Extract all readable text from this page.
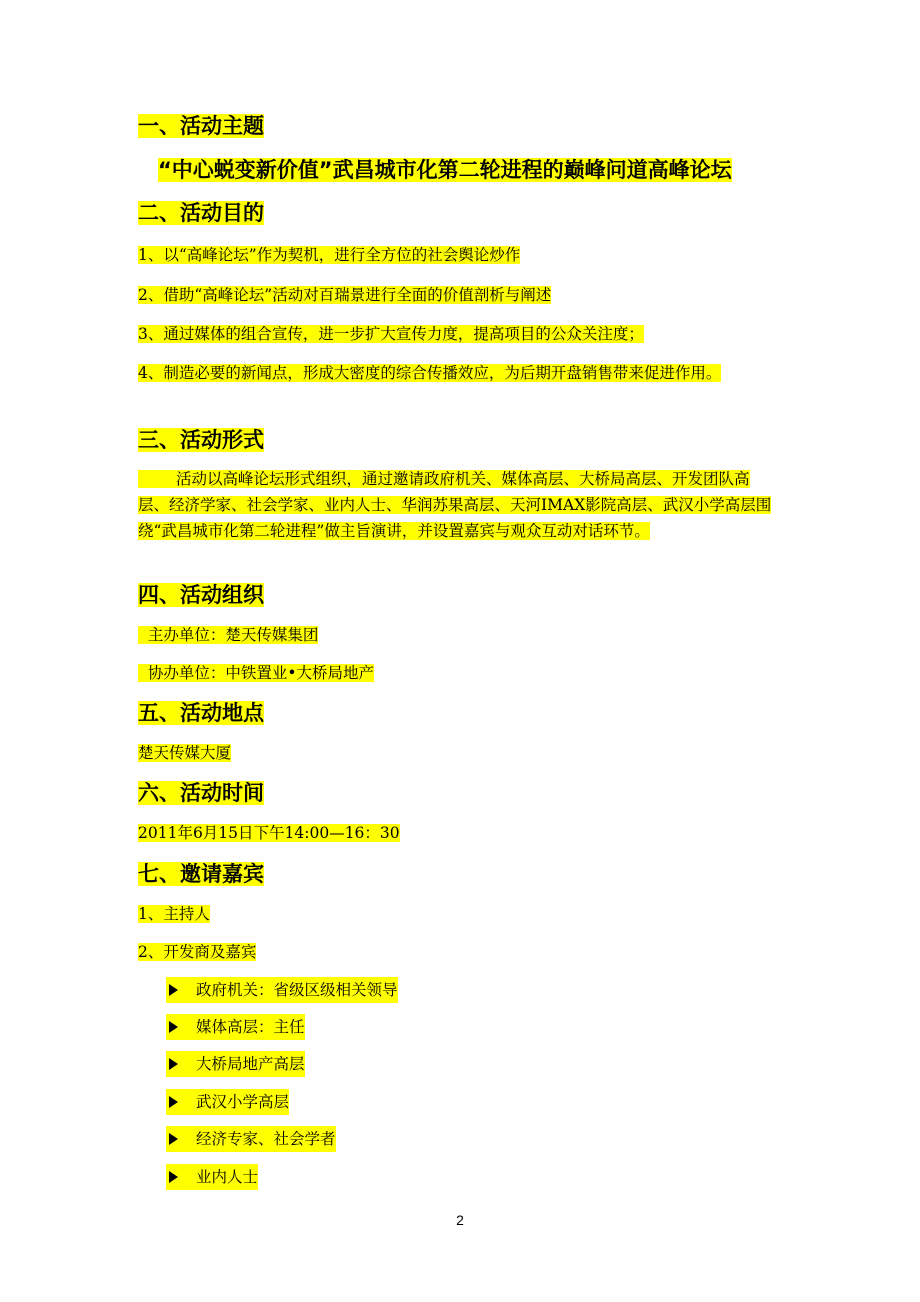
一、活动主题
“中心蜕变新价值”武昌城市化第二轮进程的巅峰问道高峰论坛
二、活动目的
1、以“高峰论坛”作为契机，进行全方位的社会舆论炒作
2、借助“高峰论坛”活动对百瑞景进行全面的价值剖析与阐述
3、通过媒体的组合宣传，进一步扩大宣传力度，提高项目的公众关注度；
4、制造必要的新闻点，形成大密度的综合传播效应，为后期开盘销售带来促进作用。
三、活动形式
活动以高峰论坛形式组织，通过邀请政府机关、媒体高层、大桥局高层、开发团队高层、经济学家、社会学家、业内人士、华润苏果高层、天河IMAX影院高层、武汉小学高层围绕“武昌城市化第二轮进程”做主旨演讲，并设置嘉宾与观众互动对话环节。
四、活动组织
主办单位：楚天传媒集团
协办单位：中铁置业•大桥局地产
五、活动地点
楚天传媒大厦
六、活动时间
2011年6月15日下午14:00—16：30
七、邀请嘉宾
1、主持人
2、开发商及嘉宾
政府机关：省级区级相关领导
媒体高层：主任
大桥局地产高层
武汉小学高层
经济专家、社会学者
业内人士
2
